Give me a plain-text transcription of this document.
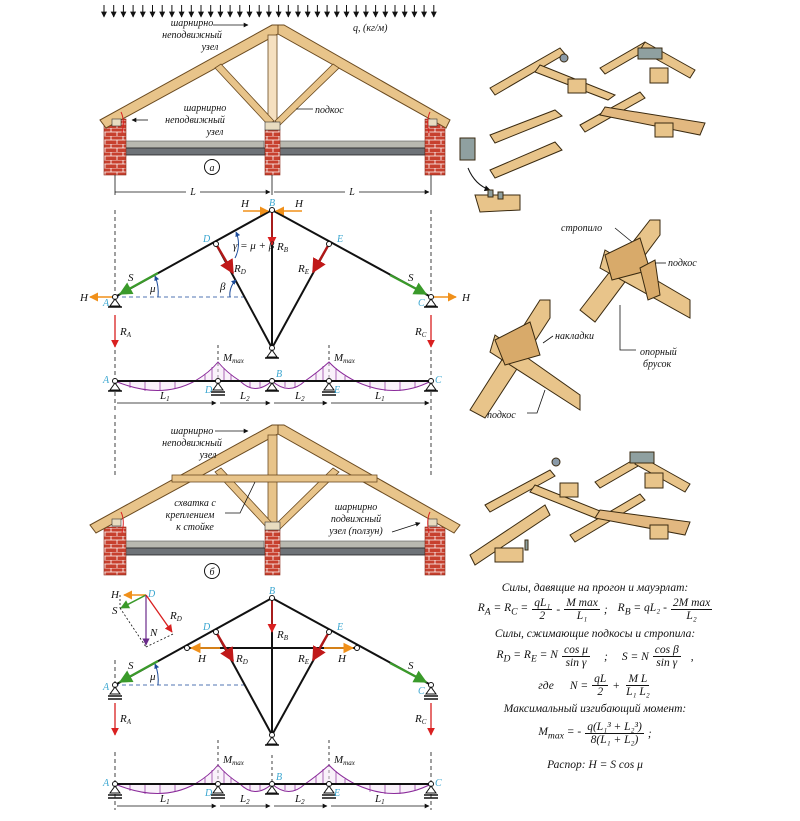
q, (кг/м)
шарнирно
неподвижный
узел
шарнирно
неподвижный
узел
подкос
а
L	L
B
D	E
A	C
H	H
H	H
S	S
RB
RD	RE
RA	RC
μ	β
γ = μ + β
Mmax	Mmax
A
D
B
E
C
L1	L2	L2	L1
шарнирно
неподвижный
узел
схватка с
креплением
к стойке
шарнирно
подвижный
узел (ползун)
б
H	D
S
N
RD
B
D	E
A	C
H	H
S	S
RB
RD	RE
RA	RC
μ
Mmax	Mmax
A
D
B
E
C
L1	L2	L2	L1
стропило
подкос
накладки
опорный
брусок
подкос

Силы, давящие на прогон и мауэрлат:

$R_A = R_C = \frac{\text{qL₁}}{2} - \frac{\text{M max}}{\text{L₁}}$ ; $R_B = qL_2 - \frac{\text{2M max}}{\text{L₂}}$

Силы, сжимающие подкосы и стропила:

$R_D = R_E = N \frac{\text{cos μ}}{\text{sin γ}}$ ; S = N $\frac{\text{cos β}}{\text{sin γ}}$ ,
где $N = \frac{qL}{2} + \frac{\text{M L}}{\text{L₁ L₂}}$

Максимальный изгибающий момент:

$M_{max}$ = - $\frac{\text{q(L₁³ + L₂³)}}{\text{8(L₁ + L₂)}}$ ;
Распор: H = S cos μ
